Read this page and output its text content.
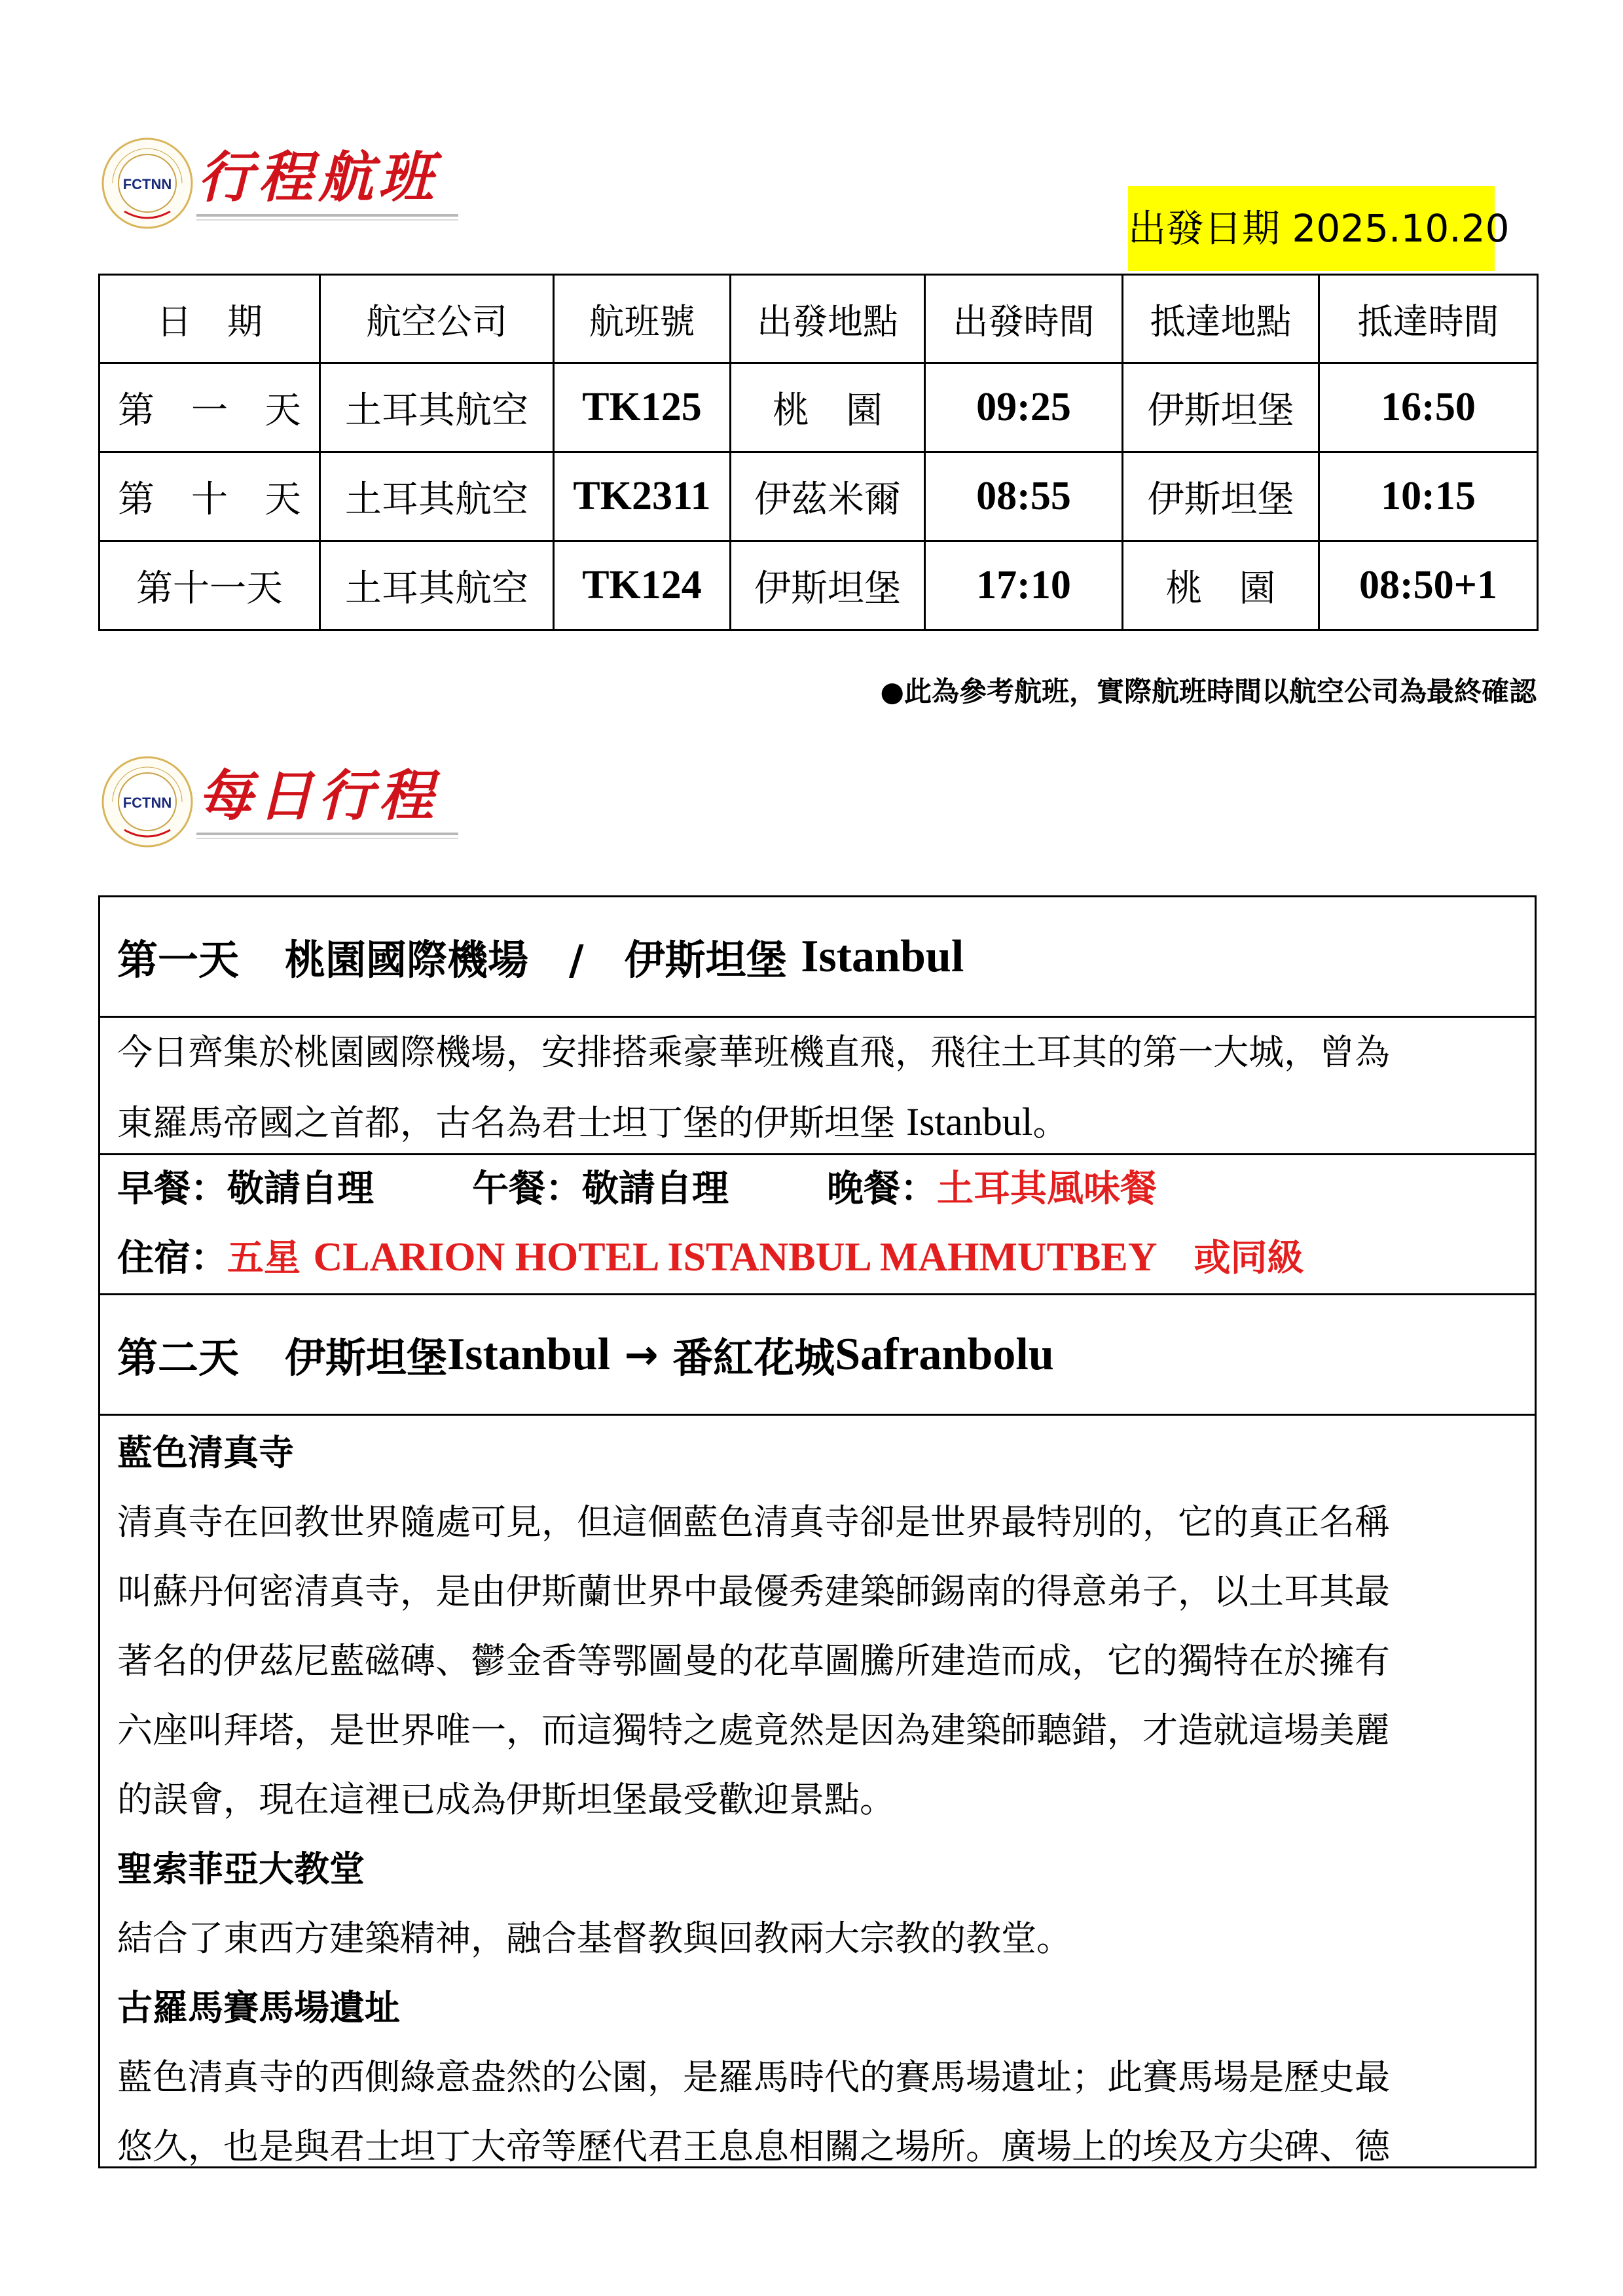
FCTNN 行程航班
出發日期 2025.10.20
日　期	航空公司	航班號	出發地點	出發時間	抵達地點	抵達時間
第　一　天	土耳其航空	TK125	桃　園	09:25	伊斯坦堡	16:50
第　十　天	土耳其航空	TK2311	伊茲米爾	08:55	伊斯坦堡	10:15
第十一天	土耳其航空	TK124	伊斯坦堡	17:10	桃　園	08:50+1
●此為參考航班，實際航班時間以航空公司為最終確認
FCTNN 每日行程
第一天 桃園國際機場　/　伊斯坦堡
Istanbul
今日齊集於桃園國際機場，安排搭乘豪華班機直飛，飛往土耳其的第一大城，曾為
東羅馬帝國之首都，古名為君士坦丁堡的伊斯坦堡 Istanbul。
早餐：敬請自理	午餐：敬請自理	晚餐：土耳其風味餐
住宿：五星 CLARION HOTEL ISTANBUL MAHMUTBEY　或同級
第二天 伊斯坦堡 Istanbul → 番紅花城 Safranbolu
藍色清真寺
清真寺在回教世界隨處可見，但這個藍色清真寺卻是世界最特別的，它的真正名稱
叫蘇丹何密清真寺，是由伊斯蘭世界中最優秀建築師錫南的得意弟子，以土耳其最
著名的伊茲尼藍磁磚、鬱金香等鄂圖曼的花草圖騰所建造而成，它的獨特在於擁有
六座叫拜塔，是世界唯一，而這獨特之處竟然是因為建築師聽錯，才造就這場美麗
的誤會，現在這裡已成為伊斯坦堡最受歡迎景點。
聖索菲亞大教堂
結合了東西方建築精神，融合基督教與回教兩大宗教的教堂。
古羅馬賽馬場遺址
藍色清真寺的西側綠意盎然的公園，是羅馬時代的賽馬場遺址；此賽馬場是歷史最
悠久，也是與君士坦丁大帝等歷代君王息息相關之場所。廣場上的埃及方尖碑、德
